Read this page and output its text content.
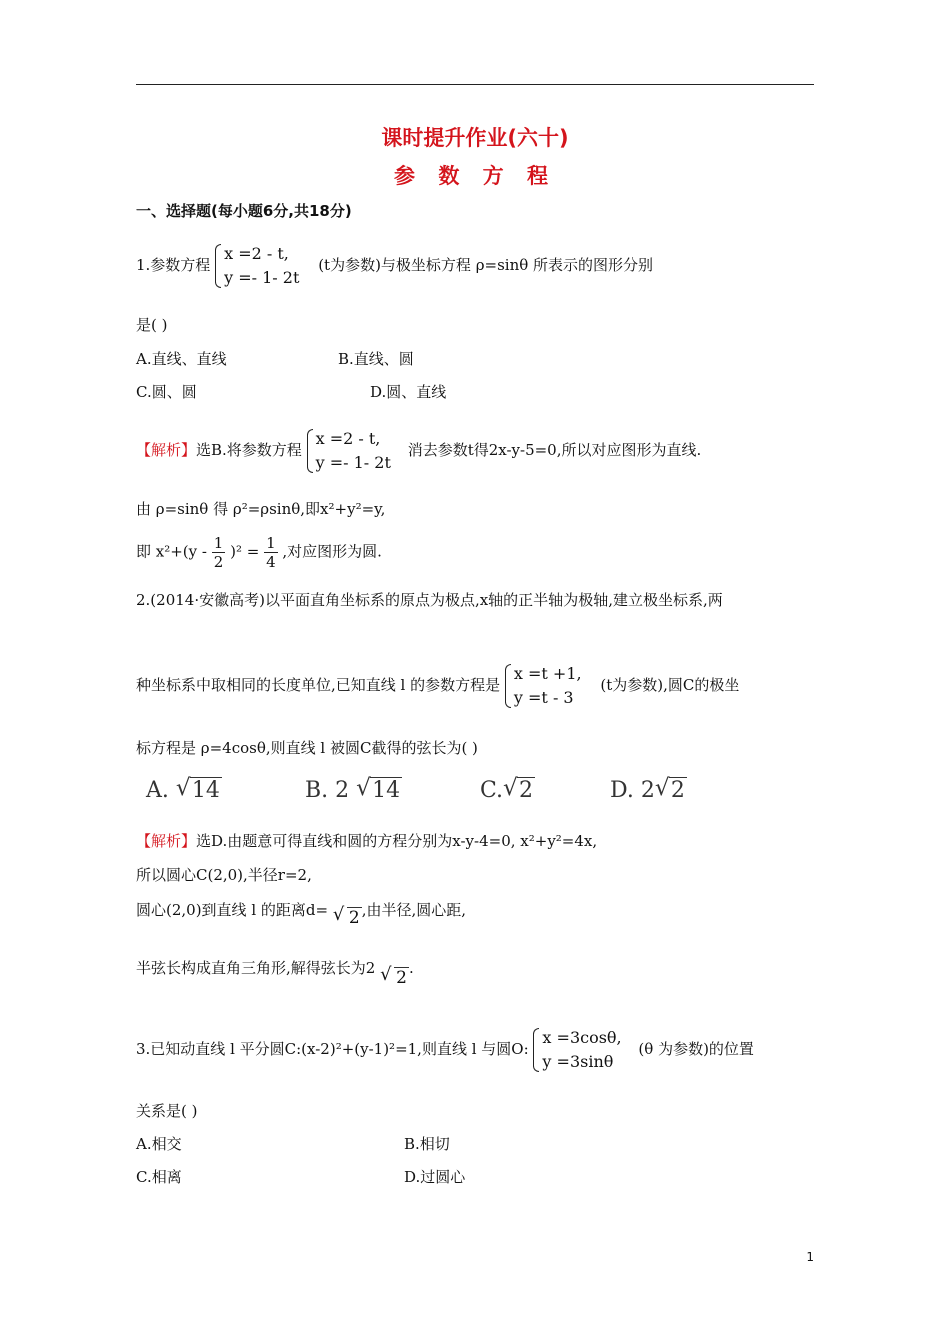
课时提升作业(六十)
参 数 方 程
一、选择题(每小题6分,共18分)
1.参数方程
x =2 - t,
y =- 1- 2t
(t为参数)与极坐标方程 ρ=sinθ 所表示的图形分别
是( )
A.直线、直线	B.直线、圆
C.圆、圆	D.圆、直线
【解析】选B.将参数方程
x =2 - t,
y =- 1- 2t
消去参数t得2x-y-5=0,所以对应图形为直线.
由 ρ=sinθ 得 ρ²=ρsinθ,即x²+y²=y,
即 $x^2+(y - \frac{1}{2} )^2 = \frac{1}{4}$ ,对应图形为圆.
2.(2014·安徽高考)以平面直角坐标系的原点为极点,x轴的正半轴为极轴,建立极坐标系,两
种坐标系中取相同的长度单位,已知直线 l 的参数方程是
x =t +1,
y =t - 3
(t为参数),圆C的极坐
标方程是 ρ=4cosθ,则直线 l 被圆C截得的弦长为( )
A. √ 14	B. 2 √ 14	C. √ 2	D. 2 √ 2
【解析】选D.由题意可得直线和圆的方程分别为x-y-4=0, x²+y²=4x,
所以圆心C(2,0),半径r=2,
圆心(2,0)到直线 l 的距离d= √ 2 ,由半径,圆心距,
半弦长构成直角三角形,解得弦长为2 √ 2 .
3.已知动直线 l 平分圆C:(x-2)²+(y-1)²=1,则直线 l 与圆O:
x =3cosθ,
y =3sinθ
(θ 为参数)的位置
关系是( )
A.相交	B.相切
C.相离	D.过圆心
1
